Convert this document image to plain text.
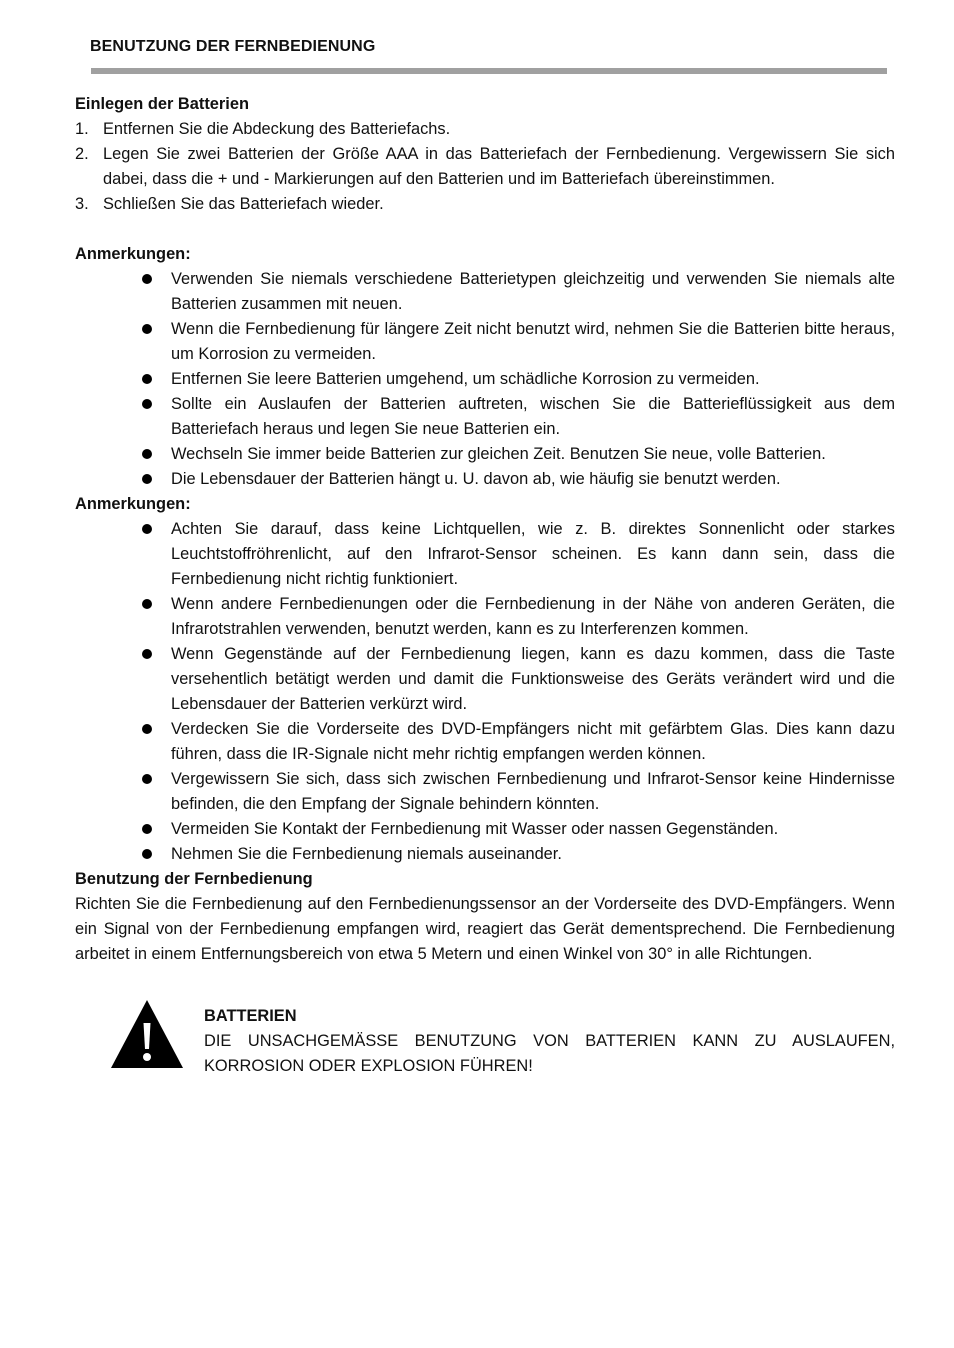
BENUTZUNG DER FERNBEDIENUNG

Einlegen der Batterien

1. Entfernen Sie die Abdeckung des Batteriefachs.
2. Legen Sie zwei Batterien der Größe AAA in das Batteriefach der Fernbedienung. Vergewissern Sie sich dabei, dass die + und - Markierungen auf den Batterien und im Batteriefach übereinstimmen.
3. Schließen Sie das Batteriefach wieder.

Anmerkungen:

Verwenden Sie niemals verschiedene Batterietypen gleichzeitig und verwenden Sie niemals alte Batterien zusammen mit neuen.
Wenn die Fernbedienung für längere Zeit nicht benutzt wird, nehmen Sie die Batterien bitte heraus, um Korrosion zu vermeiden.
Entfernen Sie leere Batterien umgehend, um schädliche Korrosion zu vermeiden.
Sollte ein Auslaufen der Batterien auftreten, wischen Sie die Batterieflüssigkeit aus dem Batteriefach heraus und legen Sie neue Batterien ein.
Wechseln Sie immer beide Batterien zur gleichen Zeit. Benutzen Sie neue, volle Batterien.
Die Lebensdauer der Batterien hängt u. U. davon ab, wie häufig sie benutzt werden.

Anmerkungen:

Achten Sie darauf, dass keine Lichtquellen, wie z. B. direktes Sonnenlicht oder starkes Leuchtstoffröhrenlicht, auf den Infrarot-Sensor scheinen. Es kann dann sein, dass die Fernbedienung nicht richtig funktioniert.
Wenn andere Fernbedienungen oder die Fernbedienung in der Nähe von anderen Geräten, die Infrarotstrahlen verwenden, benutzt werden, kann es zu Interferenzen kommen.
Wenn Gegenstände auf der Fernbedienung liegen, kann es dazu kommen, dass die Taste versehentlich betätigt werden und damit die Funktionsweise des Geräts verändert wird und die Lebensdauer der Batterien verkürzt wird.
Verdecken Sie die Vorderseite des DVD-Empfängers nicht mit gefärbtem Glas. Dies kann dazu führen, dass die IR-Signale nicht mehr richtig empfangen werden können.
Vergewissern Sie sich, dass sich zwischen Fernbedienung und Infrarot-Sensor keine Hindernisse befinden, die den Empfang der Signale behindern könnten.
Vermeiden Sie Kontakt der Fernbedienung mit Wasser oder nassen Gegenständen.
Nehmen Sie die Fernbedienung niemals auseinander.

Benutzung der Fernbedienung

Richten Sie die Fernbedienung auf den Fernbedienungssensor an der Vorderseite des DVD-Empfängers. Wenn ein Signal von der Fernbedienung empfangen wird, reagiert das Gerät dementsprechend. Die Fernbedienung arbeitet in einem Entfernungsbereich von etwa 5 Metern und einen Winkel von 30° in alle Richtungen.

BATTERIEN
DIE UNSACHGEMÄSSE BENUTZUNG VON BATTERIEN KANN ZU AUSLAUFEN, KORROSION ODER EXPLOSION FÜHREN!
